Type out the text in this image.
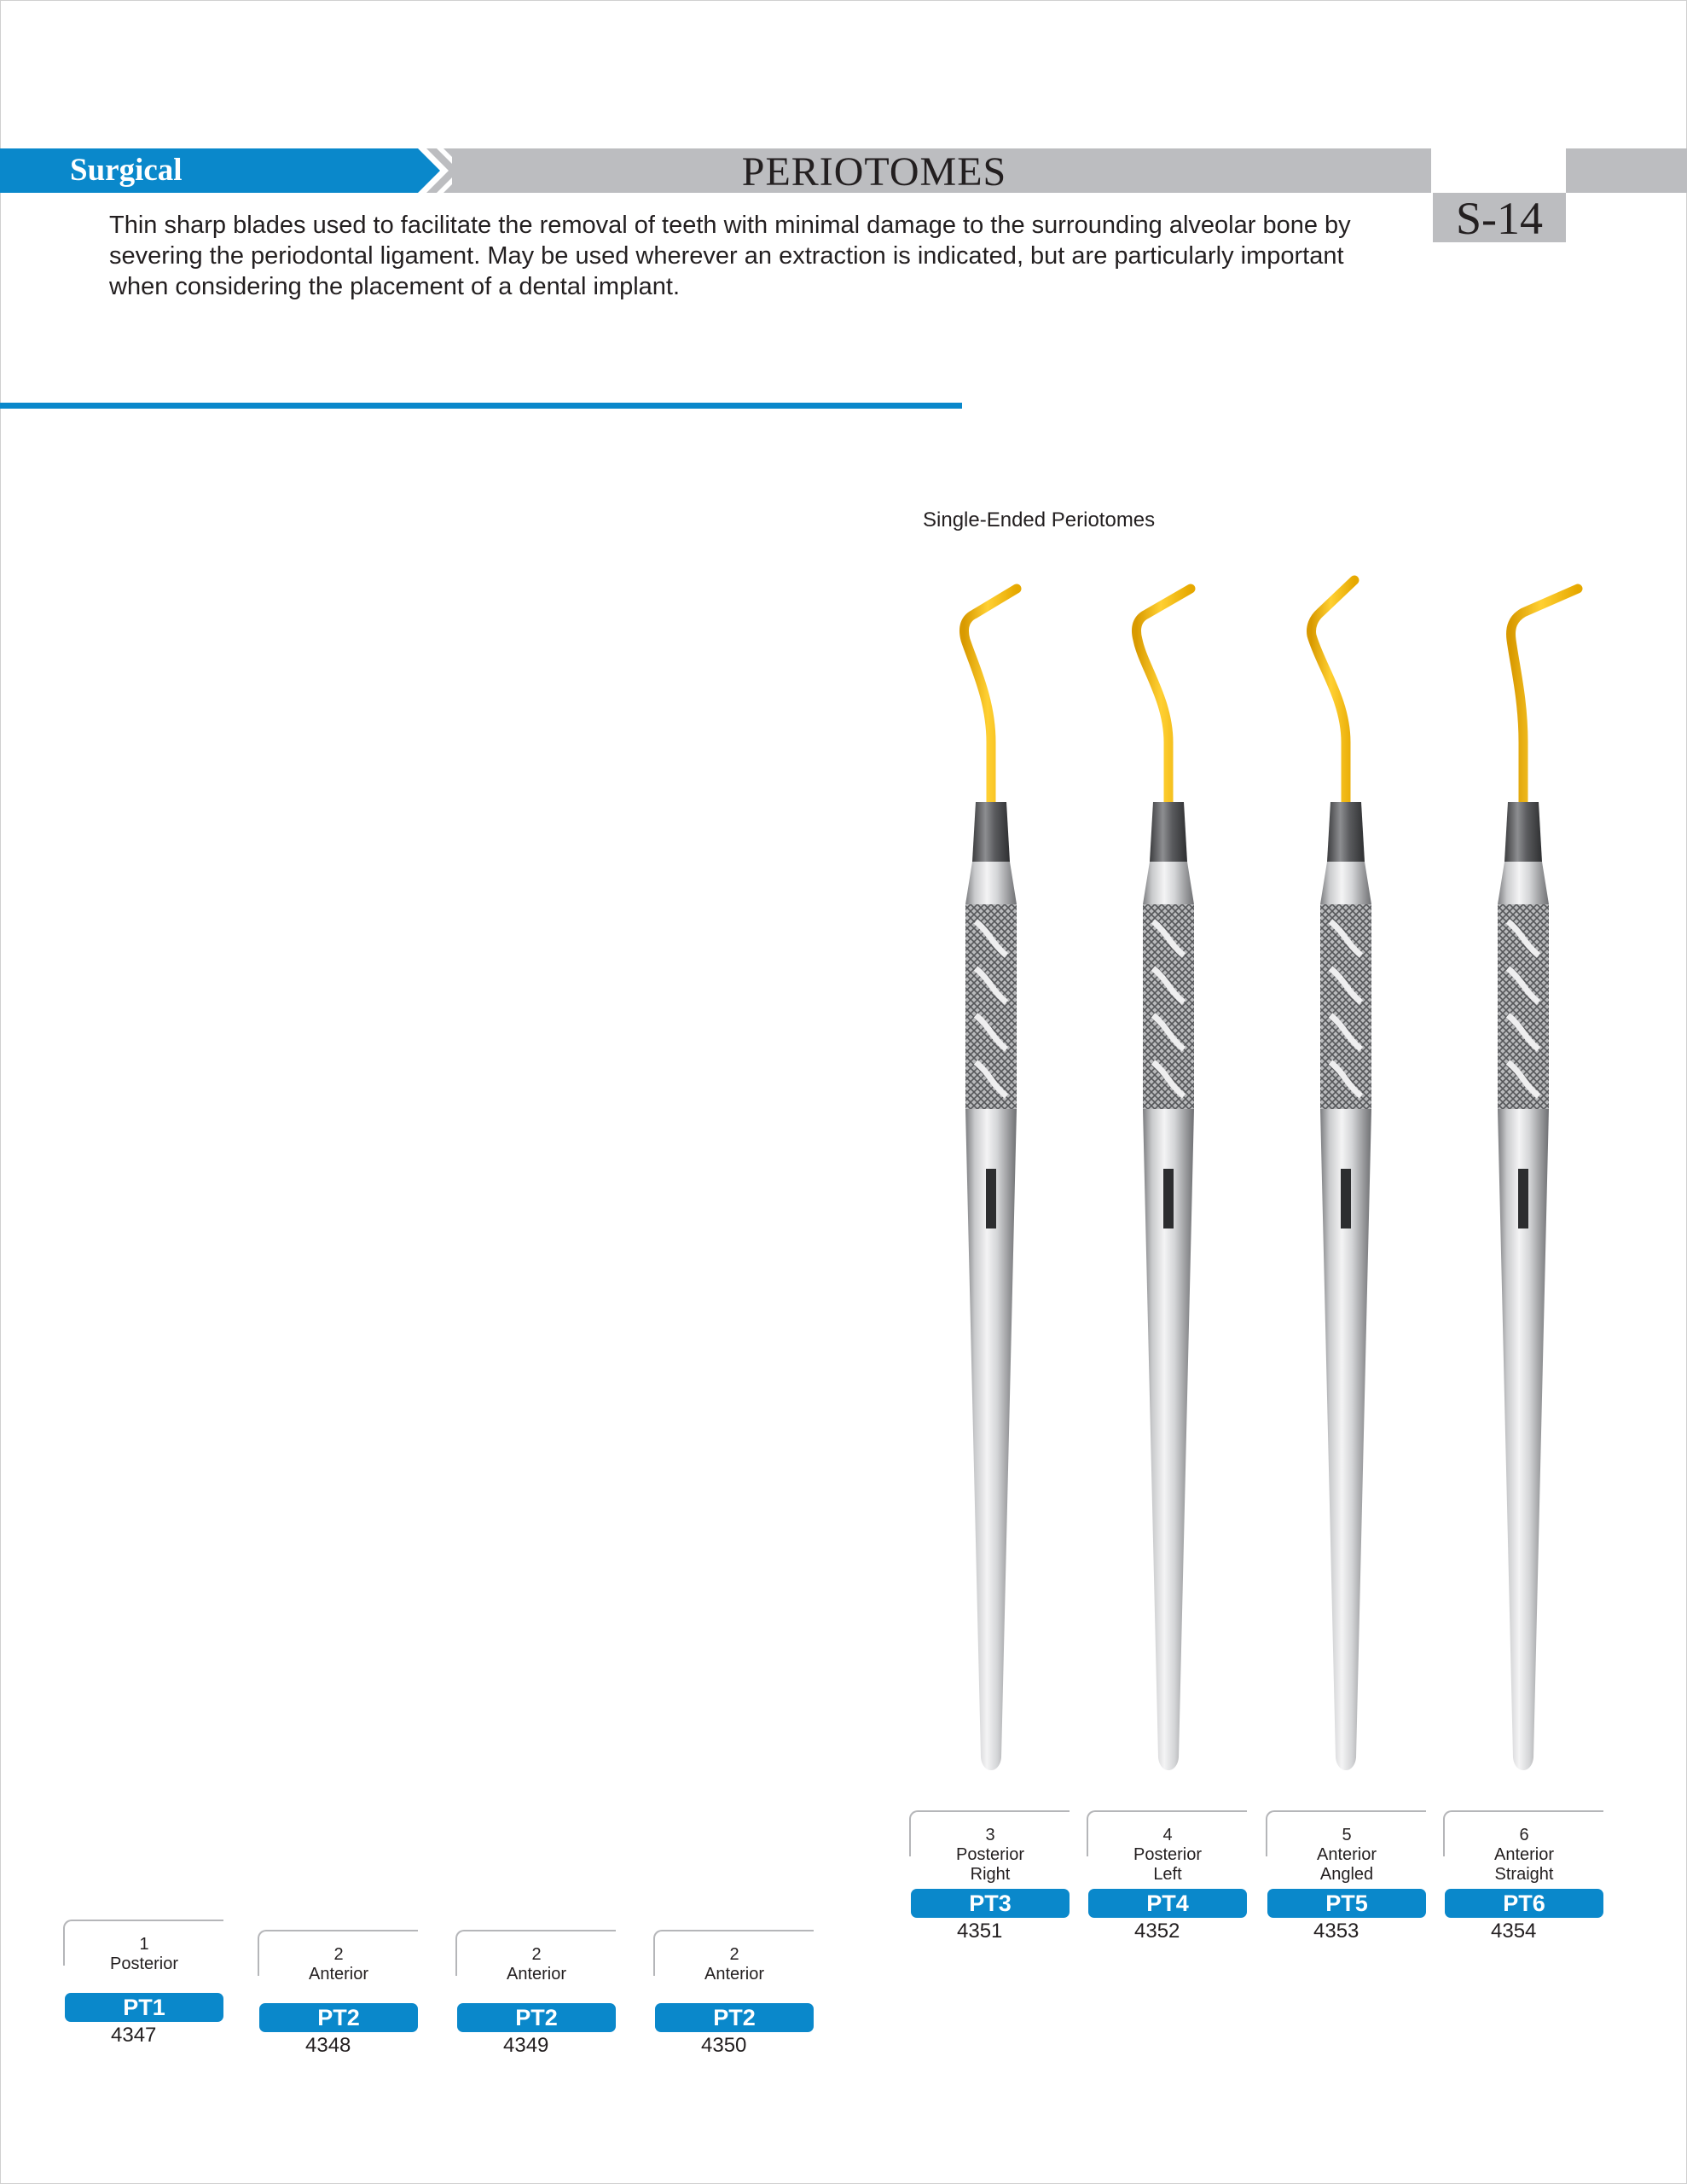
Surgical	PERIOTOMES
S-14
Thin sharp blades used to facilitate the removal of teeth with minimal damage to the surrounding alveolar bone by severing the periodontal ligament. May be used wherever an extraction is indicated, but are particularly important when considering the placement of a dental implant.
Single-Ended Periotomes
1
Posterior
PT1
4347
2
Anterior
PT2
4348
2
Anterior
PT2
4349
2
Anterior
PT2
4350
3
Posterior
Right
PT3
4351
4
Posterior
Left
PT4
4352
5
Anterior
Angled
PT5
4353
6
Anterior
Straight
PT6
4354
